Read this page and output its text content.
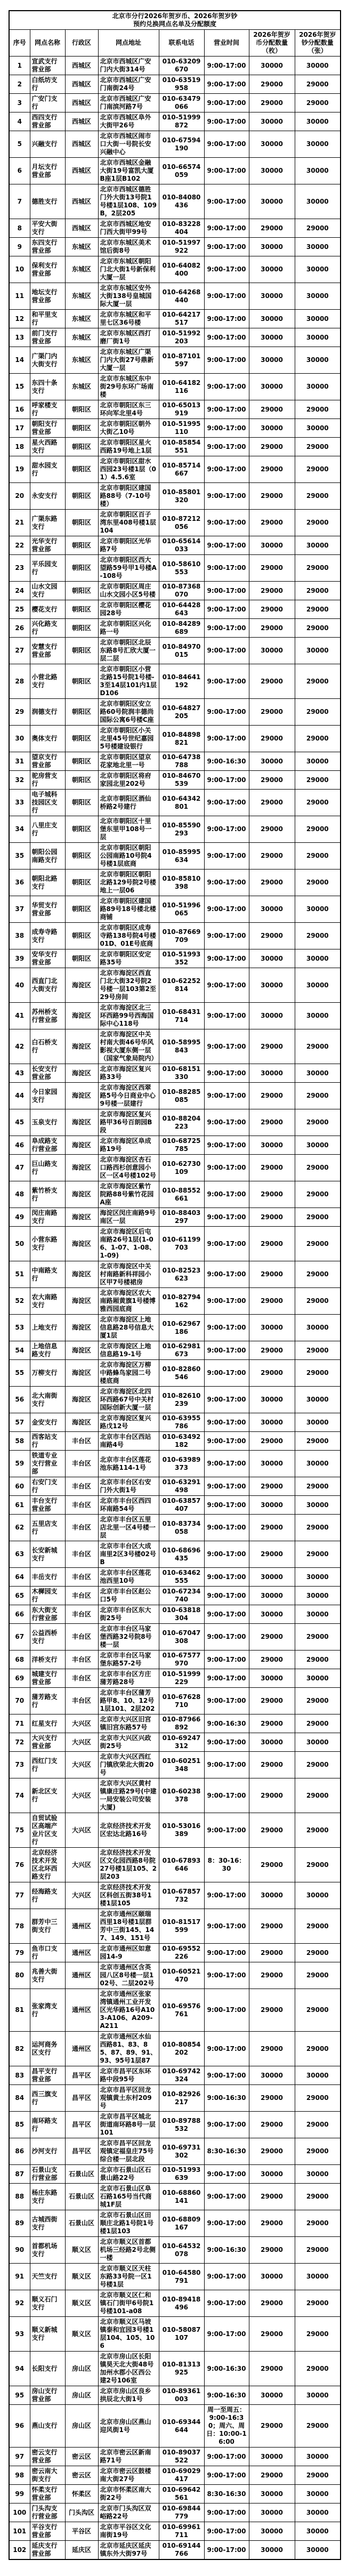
北京市分行2026年贺岁币、2026年贺岁钞
预约兑换网点名单及分配额度							

序号	网点名称	行政区	网点地址	联系电话	营业时间	2026年贺岁币分配数量（枚）	2026年贺岁钞分配数量（张）
1	宣武支行营业部	西城区	北京市西城区广安门内大街314号	010-63209670	9:00-17:00	30000	30000
2	白纸坊支行	西城区	北京市西城区广安门南街24号	010-63519958	9:00-17:00	29000	29000
3	广安门支行	西城区	北京市西城区广安门南滨河路7号	010-63479066	9:00-17:00	29000	29000
4	西四支行营业部	西城区	北京市西城区阜外大街甲26号	010-51999872	9:00-17:00	30000	30000
5	兴融支行	西城区	北京市西城区闹市口大街一号院长安兴融中心	010-67594190	9:00-17:00	30000	30000
6	月坛支行营业部	西城区	北京市西城区金融大街19号富凯大厦B座1层B102	010-66574059	9:00-17:00	30000	30000
7	德胜支行	西城区	北京市西城区德胜门外大街13号院1号楼1层108、109B，2层205	010-84080436	9:00-17:00	30000	30000
8	平安大街支行	西城区	北京市西城区地安门西大街甲99号	010-83228404	9:00-17:00	29000	29000
9	东四支行营业部	东城区	北京市东城区美术馆后街8号	010-51997922	9:00-17:00	30000	30000
10	保利支行营业部	东城区	北京市东城区朝阳门北大街1号新保利大厦一层	010-64082400	9:00-17:00	30000	30000
11	地坛支行营业部	东城区	北京市东城区安外大街138号皇城国际大厦一层	010-64268440	9:00-17:00	30000	30000
12	和平里支行	东城区	北京市东城区和平里七区36号楼	010-64217517	9:00-17:00	30000	30000
13	前门支行营业部	东城区	北京市东城区西打磨厂街1号	010-51992203	9:00-17:00	30000	30000
14	广渠门内大街支行	东城区	北京市东城区广渠门内大街27号鼎新大厦一层	010-87101597	9:00-17:00	30000	30000
15	东四十条支行	东城区	北京市东城区东中街29号东环广场南楼	010-64182116	9:00-17:00	30000	30000
16	呼家楼支行	朝阳区	北京市朝阳区东三环向军北里4号	010-65013919	9:00-17:00	29000	29000
17	朝阳支行营业部	朝阳区	北京市朝阳区朝外大街乙10号	010-51995110	9:00-17:00	30000	30000
18	星火西路支行	朝阳区	北京市朝阳区星火西路19号地上1层	010-85854551	9:00-17:00	29000	29000
19	甜水园支行	朝阳区	北京市朝阳区甜水西园23号楼1层（01）4.5.6室	010-85714667	9:00-17:00	29000	29000
20	永安支行	朝阳区	北京市朝阳区建国路88号（7-10号楼）	010-85801320	9:00-17:00	29000	29000
21	广渠东路支行	朝阳区	北京市朝阳区百子湾东里408号楼1层104	010-87212056	9:00-17:00	29000	29000
22	光华支行营业部	朝阳区	北京市朝阳区光华路7号	010-65614033	9:00-17:00	30000	30000
23	平乐园支行	朝阳区	北京市朝阳区西大望路59号甲1号楼A-108号	010-58610553	9:00-17:00	29000	29000
24	山水文园支行	朝阳区	北京市朝阳区周庄山水文园小区5号楼	010-87368070	9:00-17:00	29000	29000
25	樱花支行	朝阳区	北京市朝阳区樱花园28号	010-64428643	9:00-17:00	29000	29000
26	兴化路支行	朝阳区	北京市朝阳区兴化路一号	010-84289689	9:00-17:00	29000	29000
27	安慧支行营业部	朝阳区	北京市朝阳区北辰东路8号汇欣大厦一层二层	010-84970015	9:00-17:00	30000	30000
28	小营北路支行	朝阳区	北京市朝阳区小营北路15号院1号楼-3至14层101内1层D106	010-84641192	9:00-17:00	29000	29000
29	润德支行	朝阳区	北京市朝阳区安立路60号院润丰德尚国际公寓6号楼C座	010-64827205	9:00-17:00	29000	29000
30	奥体支行	朝阳区	北京市朝阳区小关北里45号世纪嘉园5号楼建设银行	010-84898821	9:00-17:00	29000	29000
31	望京支行营业部	朝阳区	北京市朝阳区望京花家地北里一号	010-64738788	9:00-16:30	30000	30000
32	驼房营支行	朝阳区	北京市朝阳区将府家园北里202号	010-84670539	9:00-17:00	29000	29000
33	电子城科技园区支行	朝阳区	北京市朝阳区酒仙桥路2号建行	010-64342801	9:00-17:00	29000	29000
34	八里庄支行	朝阳区	北京市朝阳区十里堡东里甲108号一层	010-85590293	9:00-17:00	29000	29000
35	朝阳公园南路支行	朝阳区	北京市朝阳区朝阳公园南路10号院4号楼1层底商	010-85995634	9:00-17:00	29000	29000
36	朝阳北路支行	朝阳区	北京市朝阳区朝阳北路129号院2号楼地上一层06	010-85810398	9:00-17:00	29000	29000
37	华贸支行营业部	朝阳区	北京市朝阳区建国路89号18号楼北楼商铺	010-51996065	9:00-17:00	30000	30000
38	成寿寺路支行	朝阳区	北京市朝阳区成寿寺路138号院4号楼01D、01E号底商	010-87669709	9:00-17:00	29000	29000
39	安华支行营业部	朝阳区	北京市朝阳区安定路35号	010-51993352	9:00-17:00	30000	30000
40	西直门北大街支行	海淀区	北京市海淀区西直门北大街32号院2号楼一层103第2至29号房间	010-62252814	9:00-17:00	30000	30000
41	苏州桥支行营业部	海淀区	北京市海淀区北三环西路99号西海国际中心118号	010-68431714	9:00-17:00	30000	30000
42	白石桥支行	海淀区	北京市海淀区中关村南大街46号华风影视大厦东侧一层（国家气象局院内）	010-58995843	9:00-17:00	29000	29000
43	长安支行营业部	海淀区	北京市海淀区复兴路33号	010-68151330	9:00-17:00	30000	30000
44	今日家园支行	海淀区	北京市海淀区西翠路5号今日商业中心9号楼一层建行	010-88285085	9:00-17:00	29000	29000
45	玉泉支行	海淀区	北京市海淀区复兴路甲36号百朗园B段	010-88204223	9:00-17:00	29000	29000
46	阜成路支行营业部	海淀区	北京市海淀区阜成路19号	010-68725785	9:00-17:00	30000	30000
47	巨山路支行	海淀区	北京市海淀区杏石口路西杉创意园小区一区4号楼102号	010-62730109	9:00-17:00	29000	29000
48	紫竹桥支行	海淀区	北京市海淀区紫竹院路88号紫竹花园A座	010-88552661	9:00-17:00	29000	29000
49	闵庄南路支行	海淀区	海淀区闵庄南路9号南区一层	010-88403297	9:00-17:00	29000	29000
50	小营东路支行	海淀区	北京市海淀区后屯南路26号1层(1-06、1-07、1-08、1-09)	010-61199703	9:00-17:00	29000	29000
51	中南路支行	海淀区	北京市海淀区中关村南路新科祥园小区甲7号楼裙房	010-82523623	9:00-17:00	29000	29000
52	农大南路支行	海淀区	北京市海淀区农大南路厢黄旗1号楼博雅西园底商	010-82794162	9:00-17:00	29000	29000
53	上地支行	海淀区	北京市海淀区上地信息路28号信息大厦1层	010-62967186	9:00-17:00	30000	30000
54	上地信息路支行	海淀区	北京市海淀区上地信息路19-1号	010-62981673	9:00-17:00	29000	29000
55	万柳支行	海淀区	北京市海淀区万柳中路蜂鸟家园二号楼底商	010-82860546	9:00-17:00	29000	29000
56	北大南街支行	海淀区	北京市海淀区北四环西路67号中关村国际创新大厦一层	010-82610239	9:00-17:00	30000	30000
57	金安支行	海淀区	北京市海淀区复兴路戊12号	010-63955786	9:00-17:00	30000	30000
58	西客站支行	丰台区	北京市丰台区西站南路4号	010-63492182	9:00-17:00	29000	29000
59	铁道专业支行营业部	丰台区	北京市丰台区莲花池东路114-1号	010-63989373	9:00-17:00	30000	30000
60	右安门支行	丰台区	北京市丰台区右安门外大街1号	010-63291498	9:00-17:00	29000	29000
61	丰台支行营业部	丰台区	北京市丰台区西四环南路54号	010-63857407	9:00-17:00	30000	30000
62	五里店支行	丰台区	北京市丰台区五里店北里一区4号楼一层	010-83734058	9:00-17:00	29000	29000
63	长安新城支行	丰台区	北京市丰台区大成南里2区3号楼02号B	010-68696435	9:00-17:00	29000	29000
64	丰岳支行	丰台区	北京市丰台区莲花池西里10号	010-63462555	9:00-17:00	30000	30000
65	木樨园支行	丰台区	北京市丰台区赵公口5号	010-67234740	9:00-17:00	30000	30000
66	东大街支行营业部	丰台区	北京市丰台区东大街25号	010-63818304	9:00-17:00	30000	30000
67	公益西桥支行	丰台区	北京市丰台区马家堡西路32号院8号楼一层	010-67047308	9:00-17:00	29000	29000
68	洋桥支行	丰台区	北京市丰台区马家堡东路57-2号	010-67577970	9:00-17:00	29000	29000
69	城建支行营业部	丰台区	北京市丰台区方庄蒲芳路28号	010-51999229	9:00-17:00	30000	30000
70	蒲芳路支行	丰台区	北京市丰台区蒲芳路甲8、10、12号1层101、2层202	010-67628710	9:00-17:00	29000	29000
71	红星支行	大兴区	北京市大兴区旧宫镇旧宫东路57号	010-87966892	9:00-16:30	29000	29000
72	大兴支行营业部	大兴区	北京市大兴区兴政街25号	010-69247312	9:00-17:00	30000	30000
73	西红门支行	大兴区	北京市大兴区西红门镇欣荣北大街20号	010-60251348	9:00-17:00	29000	29000
74	新北区支行	大兴区	北京市大兴区黄村镇康庄路29号(中建一局安装公司安装大厦)	010-60238378	9:00-17:00	29000	29000
75	自贸试验区高端产业片区支行	大兴区	北京经济技术开发区宏达北路16号	010-53016389	9:00-17:00	29000	29000
76	北京经济技术开发区北环西路支行	大兴区	北京经济技术开发区文化园西路8号院27号楼1层105、2层203	010-67893646	8：30-16：30	29000	29000
77	经海路支行	大兴区	北京经济技术开发区科创五街38号1楼1层105	010-67857732	9:00-17:00	30000	30000
78	群芳中三街支行	通州区	北京市通州区颐瑞西里18号楼1层群芳中三街145、147、149、151号	010-81517599	9:00-17:00	29000	29000
79	鱼市口支行	通州区	北京市通州区如意园14-9	010-69552226	9:00-17:00	29000	29000
80	兆善大街支行	通州区	北京市通州区含英园八区8号楼一层102号、二层202号	010-60521470	9:00-17:00	29000	29000
81	张家湾支行	通州区	北京市通州区张家湾镇通州工业开发区光华路16号A103-A106、A209-A211	010-69576761	9:00-17:00	29000	29000
82	运河商务区支行	通州区	北京市通州区水仙西路81、83、85、87、89、91、93、95号1层87	010-80854202	9:00-17:00	29000	29000
83	昌平支行营业部	昌平区	北京市昌平区东环路中段95号	010-69742324	9:00-17:00	30000	30000
84	西三旗支行	昌平区	北京市昌平区回龙观镇黄土东村209号	010-82926217	9:00-16:30	29000	29000
85	南环路支行	昌平区	北京市昌平区城北街道南环路8号一层101	010-89788532	9:00-17:00	29000	29000
86	沙河支行	昌平区	北京市昌平区回龙观镇定福皇庄75号综合楼一层北段	010-69731302	8:30-16:30	29000	29000
87	石景山支行营业部	石景山区	北京市石景山区石景山路22号	010-51993639	9:00-17:00	30000	30000
88	杨庄东路支行	石景山区	北京市石景山区阜石路165号当代商城1F层	010-68860141	9:00-17:00	29000	29000
89	古城西街支行	石景山区	北京市石景山区田顺庄北路1号院1号楼1层103	010-68809167	9:00-17:00	29000	29000
90	首都机场支行	顺义区	北京市顺义区首都机场三经路2号北侧一楼	010-64532078	9:00-16:30	29000	29000
91	天竺支行	顺义区	北京市顺义区天柱东路33号院一区1号楼1层	010-64580791	9:00-17:00	30000	30000
92	顺义石门支行	顺义区	北京市顺义区仁和镇石门街甲6号院1号楼101-a08	010-89418496	9:00-17:00	29000	29000
93	顺义新城支行	顺义区	北京市顺义区马坡镇泰和宜园3号楼1层104、105、106	010-58087107	9:00-17:00	29000	29000
94	长阳支行	房山区	北京市房山区长阳镇昊天北大街48号加州水郡小区西公建2号106室	010-81313925	9:00-16:30	29000	29000
95	房山支行营业部	房山区	北京市房山区良乡拱辰北大街1号	010-89361003	9:00-16:30	30000	30000
96	燕山支行	房山区	北京市房山区燕山迎风街1号	010-69344644	周一至周五：9:00-16:30；周六、周日：10:00-16:00	29000	29000
97	密云支行营业部	密云区	北京市密云区新南路71号	010-89037522	9:00-17:00	30000	30000
98	密云南大街支行	密云区	北京市密云区鼓楼南大街27号	010-69029417	9:00-17:00	29000	29000
99	怀柔支行营业部	怀柔区	北京市怀柔区南大街22号	010-69642561	8:30-16:30	30000	30000
100	门头沟支行营业部	门头沟区	北京市门头沟区双峪路22号	010-69844779	9:00-17:00	30000	30000
101	平谷支行营业部	平谷区	北京市平谷区文化南街19号	010-69961711	9:00-17:00	30000	30000
102	延庆支行营业部	延庆区	北京市延庆区延庆镇东外大街97号	010-69144766	9:00-17:00	30000	30000
